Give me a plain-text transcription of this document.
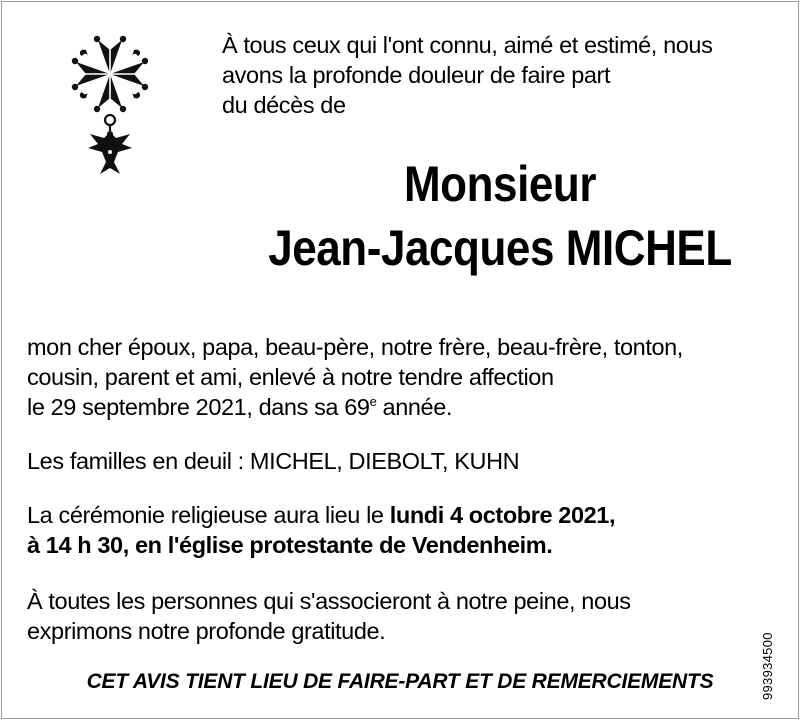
À tous ceux qui l'ont connu, aimé et estimé, nous
avons la profonde douleur de faire part
du décès de
Monsieur
Jean-Jacques MICHEL
mon cher époux, papa, beau-père, notre frère, beau-frère, tonton,
cousin, parent et ami, enlevé à notre tendre affection
le 29 septembre 2021, dans sa 69e année.
Les familles en deuil : MICHEL, DIEBOLT, KUHN
La cérémonie religieuse aura lieu le lundi 4 octobre 2021,
à 14 h 30, en l'église protestante de Vendenheim.
À toutes les personnes qui s'associeront à notre peine, nous
exprimons notre profonde gratitude.
CET AVIS TIENT LIEU DE FAIRE-PART ET DE REMERCIEMENTS	993934500
